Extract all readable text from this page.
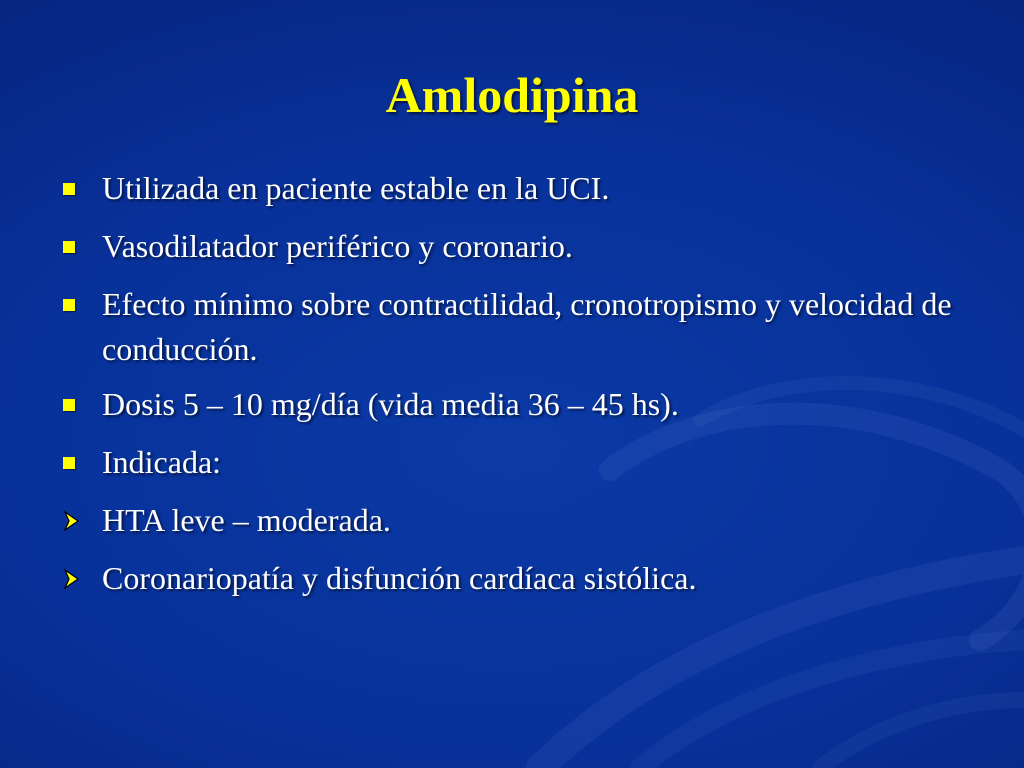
Amlodipina
Utilizada en paciente estable en la UCI.
Vasodilatador periférico y coronario.
Efecto mínimo sobre contractilidad, cronotropismo y velocidad de conducción.
Dosis 5 – 10 mg/día (vida media 36 – 45 hs).
Indicada:
HTA leve – moderada.
Coronariopatía y disfunción cardíaca sistólica.
